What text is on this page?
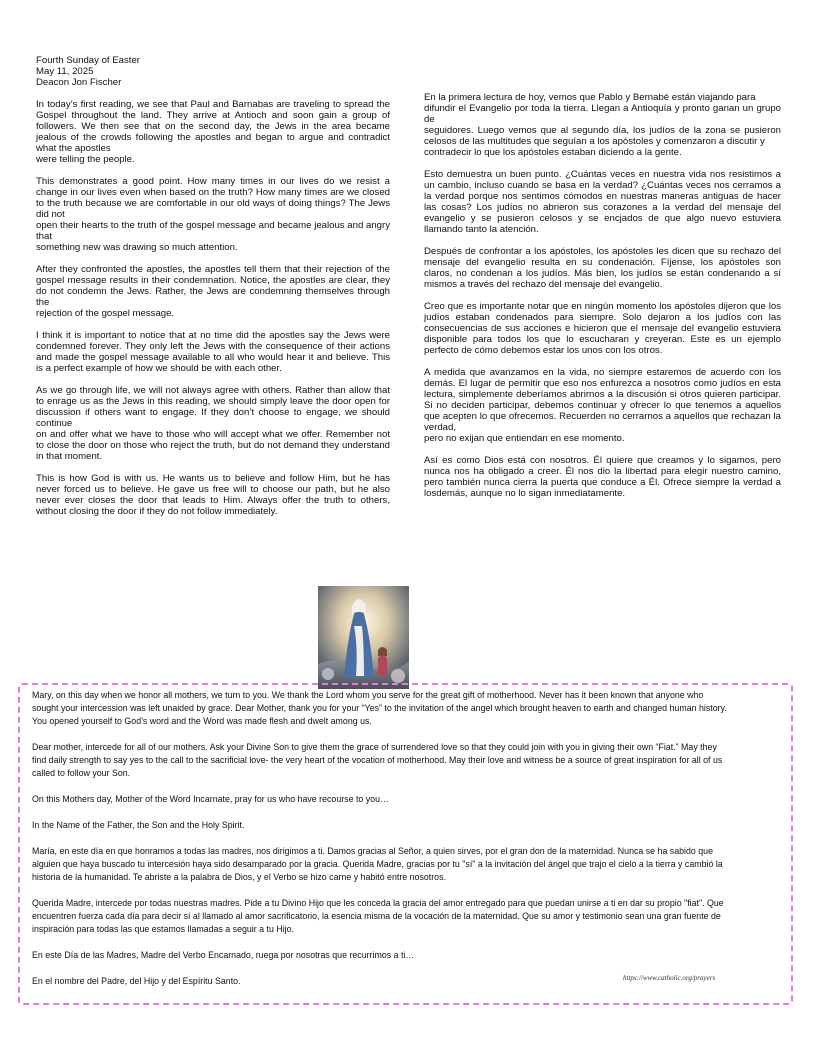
Fourth Sunday of Easter
May 11, 2025
Deacon Jon Fischer

In today’s first reading, we see that Paul and Barnabas are traveling to spread the Gospel throughout the land. They arrive at Antioch and soon gain a group of followers. We then see that on the second day, the Jews in the area became jealous of the crowds following the apostles and began to argue and contradict what the apostles
were telling the people.

This demonstrates a good point. How many times in our lives do we resist a change in our lives even when based on the truth? How many times are we closed to the truth because we are comfortable in our old ways of doing things? The Jews did not
open their hearts to the truth of the gospel message and became jealous and angry that
something new was drawing so much attention.

After they confronted the apostles, the apostles tell them that their rejection of the gospel message results in their condemnation. Notice, the apostles are clear, they do not condemn the Jews. Rather, the Jews are condemning themselves through the
rejection of the gospel message.

I think it is important to notice that at no time did the apostles say the Jews were condemned forever. They only left the Jews with the consequence of their actions and made the gospel message available to all who would hear it and believe. This is a perfect example of how we should be with each other.

As we go through life, we will not always agree with others. Rather than allow that to enrage us as the Jews in this reading, we should simply leave the door open for discussion if others want to engage. If they don’t choose to engage, we should continue
on and offer what we have to those who will accept what we offer. Remember not to close the door on those who reject the truth, but do not demand they understand in that moment.

This is how God is with us. He wants us to believe and follow Him, but he has never forced us to believe. He gave us free will to choose our path, but he also never ever closes the door that leads to Him. Always offer the truth to others, without closing the door if they do not follow immediately.

En la primera lectura de hoy, vemos que Pablo y Bernabé están viajando para
difundir el Evangelio por toda la tierra. Llegan a Antioquía y pronto ganan un grupo de
seguidores. Luego vemos que al segundo día, los judíos de la zona se pusieron celosos de las multitudes que seguían a los apóstoles y comenzaron a discutir y
contradecir lo que los apóstoles estaban diciendo a la gente.

Esto demuestra un buen punto. ¿Cuántas veces en nuestra vida nos resistimos a un cambio, incluso cuando se basa en la verdad? ¿Cuántas veces nos cerramos a la verdad porque nos sentimos cómodos en nuestras maneras antiguas de hacer las cosas? Los judíos no abrieron sus corazones a la verdad del mensaje del evangelio y se pusieron celosos y se encjados de que algo nuevo estuviera llamando tanto la atención.

Después de confrontar a los apóstoles, los apóstoles les dicen que su rechazo del mensaje del evangelio resulta en su condenación. Fíjense, los apóstoles son claros, no condenan a los judíos. Más bien, los judíos se están condenando a sí mismos a través del rechazo del mensaje del evangelio.

Creo que es importante notar que en ningún momento los apóstoles dijeron que los judíos estaban condenados para siempre. Solo dejaron a los judíos con las consecuencias de sus acciones e hicieron que el mensaje del evangelio estuviera disponible para todos los que lo escucharan y creyeran. Este es un ejemplo perfecto de cómo debemos estar los unos con los otros.

A medida que avanzamos en la vida, no siempre estaremos de acuerdo con los demás. El lugar de permitir que eso nos enfurezca a nosotros como judíos en esta lectura, simplemente deberíamos abrirnos a la discusión si otros quieren participar. Si no deciden participar, debemos continuar y ofrecer lo que tenemos a aquellos que acepten lo que ofrecemos. Recuerden no cerrarnos a aquellos que rechazan la verdad,
pero no exijan que entiendan en ese momento.

Así es como Dios está con nosotros. Él quiere que creamos y lo sigamos, pero nunca nos ha obligado a creer. Él nos dio la libertad para elegir nuestro camino, pero también nunca cierra la puerta que conduce a Él. Ofrece siempre la verdad a losdemás, aunque no lo sigan inmediatamente.

Mary, on this day when we honor all mothers, we turn to you. We thank the Lord whom you serve for the great gift of motherhood. Never has it been known that anyone who sought your intercession was left unaided by grace. Dear Mother, thank you for your “Yes” to the invitation of the angel which brought heaven to earth and changed human history. You opened yourself to God’s word and the Word was made flesh and dwelt among us.

Dear mother, intercede for all of our mothers. Ask your Divine Son to give them the grace of surrendered love so that they could join with you in giving their own “Fiat.” May they find daily strength to say yes to the call to the sacrificial love- the very heart of the vocation of motherhood. May their love and witness be a source of great inspiration for all of us called to follow your Son.

On this Mothers day, Mother of the Word Incarnate, pray for us who have recourse to you…

In the Name of the Father, the Son and the Holy Spirit.

María, en este día en que honramos a todas las madres, nos dirigimos a ti. Damos gracias al Señor, a quien sirves, por el gran don de la maternidad. Nunca se ha sabido que alguien que haya buscado tu intercesión haya sido desamparado por la gracia. Querida Madre, gracias por tu "sí" a la invitación del ángel que trajo el cielo a la tierra y cambió la historia de la humanidad. Te abriste a la palabra de Dios, y el Verbo se hizo carne y habitó entre nosotros.

Querida Madre, intercede por todas nuestras madres. Pide a tu Divino Hijo que les conceda la gracia del amor entregado para que puedan unirse a ti en dar su propio "fiat". Que encuentren fuerza cada día para decir sí al llamado al amor sacrificatorio, la esencia misma de la vocación de la maternidad. Que su amor y testimonio sean una gran fuente de inspiración para todas las que estamos llamadas a seguir a tu Hijo.

En este Día de las Madres, Madre del Verbo Encarnado, ruega por nosotras que recurrimos a ti…

En el nombre del Padre, del Hijo y del Espíritu Santo.	https://www.catholic.org/prayers
